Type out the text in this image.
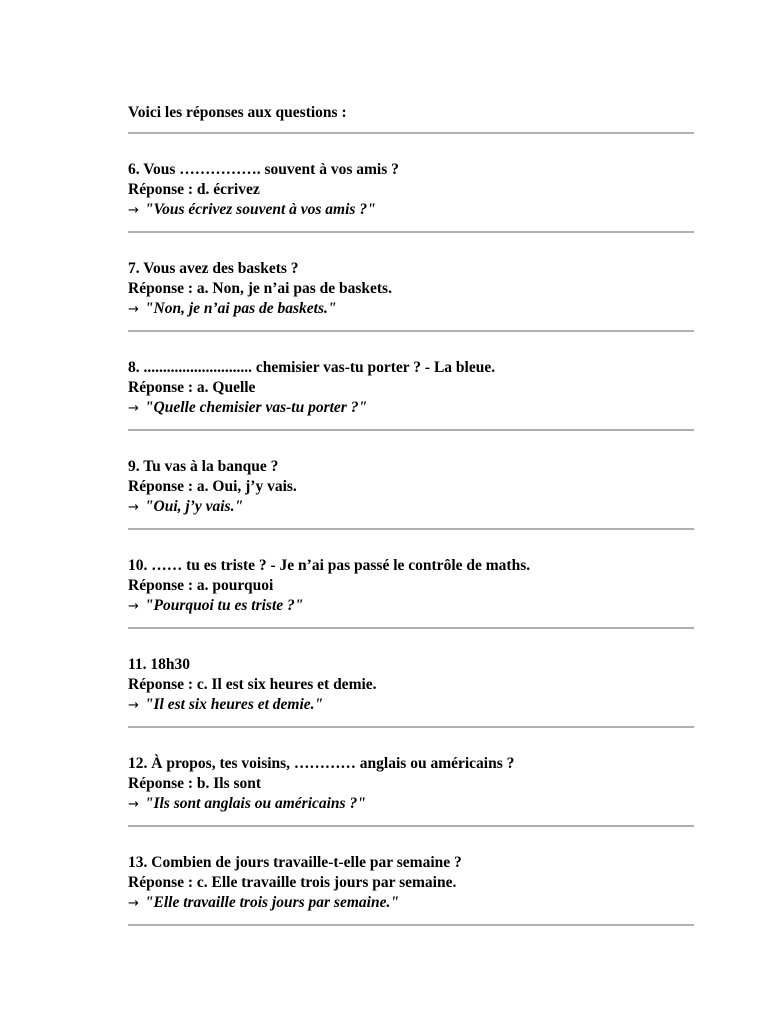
Voici les réponses aux questions :
6. Vous ……………. souvent à vos amis ?
Réponse : d. écrivez
→ "Vous écrivez souvent à vos amis ?"
7. Vous avez des baskets ?
Réponse : a. Non, je n’ai pas de baskets.
→ "Non, je n’ai pas de baskets."
8. ............................ chemisier vas-tu porter ? - La bleue.
Réponse : a. Quelle
→ "Quelle chemisier vas-tu porter ?"
9. Tu vas à la banque ?
Réponse : a. Oui, j’y vais.
→ "Oui, j’y vais."
10. …… tu es triste ? - Je n’ai pas passé le contrôle de maths.
Réponse : a. pourquoi
→ "Pourquoi tu es triste ?"
11. 18h30
Réponse : c. Il est six heures et demie.
→ "Il est six heures et demie."
12. À propos, tes voisins, ………… anglais ou américains ?
Réponse : b. Ils sont
→ "Ils sont anglais ou américains ?"
13. Combien de jours travaille-t-elle par semaine ?
Réponse : c. Elle travaille trois jours par semaine.
→ "Elle travaille trois jours par semaine."
